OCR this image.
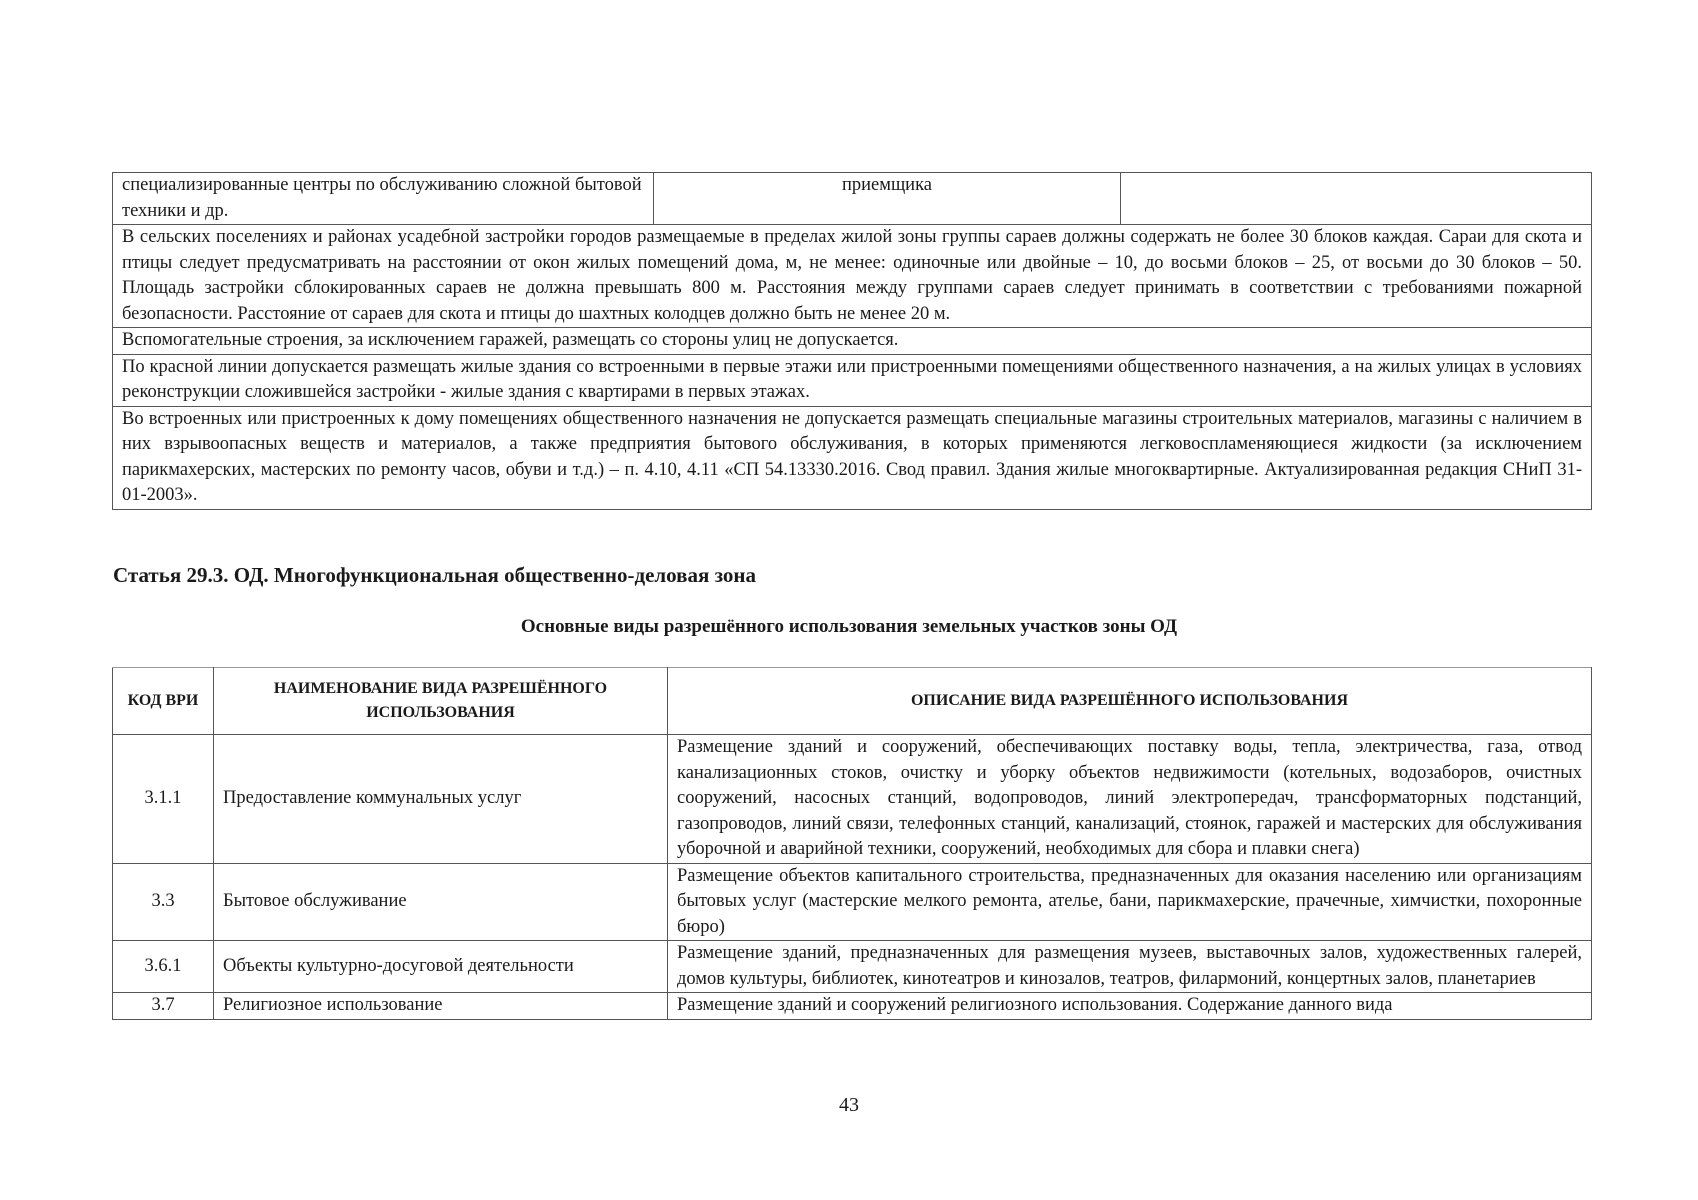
специализированные центры по обслуживанию сложной бытовой техники и др.	приемщика	
В сельских поселениях и районах усадебной застройки городов размещаемые в пределах жилой зоны группы сараев должны содержать не более 30 блоков каждая. Сараи для скота и птицы следует предусматривать на расстоянии от окон жилых помещений дома, м, не менее: одиночные или двойные – 10, до восьми блоков – 25, от восьми до 30 блоков – 50. Площадь застройки сблокированных сараев не должна превышать 800 м. Расстояния между группами сараев следует принимать в соответствии с требованиями пожарной безопасности. Расстояние от сараев для скота и птицы до шахтных колодцев должно быть не менее 20 м.
Вспомогательные строения, за исключением гаражей, размещать со стороны улиц не допускается.
По красной линии допускается размещать жилые здания со встроенными в первые этажи или пристроенными помещениями общественного назначения, а на жилых улицах в условиях реконструкции сложившейся застройки - жилые здания с квартирами в первых этажах.
Во встроенных или пристроенных к дому помещениях общественного назначения не допускается размещать специальные магазины строительных материалов, магазины с наличием в них взрывоопасных веществ и материалов, а также предприятия бытового обслуживания, в которых применяются легковоспламеняющиеся жидкости (за исключением парикмахерских, мастерских по ремонту часов, обуви и т.д.) – п. 4.10, 4.11 «СП 54.13330.2016. Свод правил. Здания жилые многоквартирные. Актуализированная редакция СНиП 31-01-2003».
Статья 29.3. ОД. Многофункциональная общественно-деловая зона
Основные виды разрешённого использования земельных участков зоны ОД
КОД ВРИ	НАИМЕНОВАНИЕ ВИДА РАЗРЕШЁННОГО ИСПОЛЬЗОВАНИЯ	ОПИСАНИЕ ВИДА РАЗРЕШЁННОГО ИСПОЛЬЗОВАНИЯ
3.1.1	Предоставление коммунальных услуг	Размещение зданий и сооружений, обеспечивающих поставку воды, тепла, электричества, газа, отвод канализационных стоков, очистку и уборку объектов недвижимости (котельных, водозаборов, очистных сооружений, насосных станций, водопроводов, линий электропередач, трансформаторных подстанций, газопроводов, линий связи, телефонных станций, канализаций, стоянок, гаражей и мастерских для обслуживания уборочной и аварийной техники, сооружений, необходимых для сбора и плавки снега)
3.3	Бытовое обслуживание	Размещение объектов капитального строительства, предназначенных для оказания населению или организациям бытовых услуг (мастерские мелкого ремонта, ателье, бани, парикмахерские, прачечные, химчистки, похоронные бюро)
3.6.1	Объекты культурно-досуговой деятельности	Размещение зданий, предназначенных для размещения музеев, выставочных залов, художественных галерей, домов культуры, библиотек, кинотеатров и кинозалов, театров, филармоний, концертных залов, планетариев
3.7	Религиозное использование	Размещение зданий и сооружений религиозного использования. Содержание данного вида
43
